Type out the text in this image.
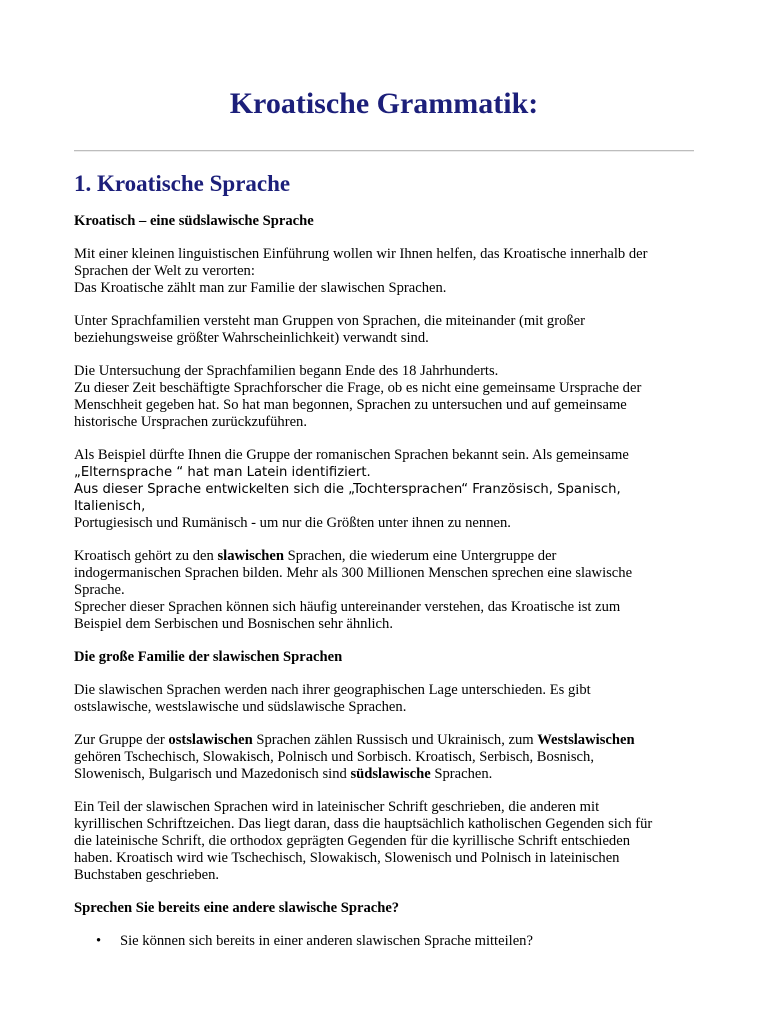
Kroatische Grammatik:
1. Kroatische Sprache

Kroatisch – eine südslawische Sprache

Mit einer kleinen linguistischen Einführung wollen wir Ihnen helfen, das Kroatische innerhalb der
Sprachen der Welt zu verorten:
Das Kroatische zählt man zur Familie der slawischen Sprachen.

Unter Sprachfamilien versteht man Gruppen von Sprachen, die miteinander (mit großer
beziehungsweise größter Wahrscheinlichkeit) verwandt sind.

Die Untersuchung der Sprachfamilien begann Ende des 18 Jahrhunderts.
Zu dieser Zeit beschäftigte Sprachforscher die Frage, ob es nicht eine gemeinsame Ursprache der
Menschheit gegeben hat. So hat man begonnen, Sprachen zu untersuchen und auf gemeinsame
historische Ursprachen zurückzuführen.

Als Beispiel dürfte Ihnen die Gruppe der romanischen Sprachen bekannt sein. Als gemeinsame
„Elternsprache “ hat man Latein identifiziert.
Aus dieser Sprache entwickelten sich die „Tochtersprachen“ Französisch, Spanisch, Italienisch,
Portugiesisch und Rumänisch - um nur die Größten unter ihnen zu nennen.

Kroatisch gehört zu den slawischen Sprachen, die wiederum eine Untergruppe der
indogermanischen Sprachen bilden. Mehr als 300 Millionen Menschen sprechen eine slawische
Sprache.
Sprecher dieser Sprachen können sich häufig untereinander verstehen, das Kroatische ist zum
Beispiel dem Serbischen und Bosnischen sehr ähnlich.

Die große Familie der slawischen Sprachen

Die slawischen Sprachen werden nach ihrer geographischen Lage unterschieden. Es gibt
ostslawische, westslawische und südslawische Sprachen.

Zur Gruppe der ostslawischen Sprachen zählen Russisch und Ukrainisch, zum Westslawischen
gehören Tschechisch, Slowakisch, Polnisch und Sorbisch. Kroatisch, Serbisch, Bosnisch,
Slowenisch, Bulgarisch und Mazedonisch sind südslawische Sprachen.

Ein Teil der slawischen Sprachen wird in lateinischer Schrift geschrieben, die anderen mit
kyrillischen Schriftzeichen. Das liegt daran, dass die hauptsächlich katholischen Gegenden sich für
die lateinische Schrift, die orthodox geprägten Gegenden für die kyrillische Schrift entschieden
haben. Kroatisch wird wie Tschechisch, Slowakisch, Slowenisch und Polnisch in lateinischen
Buchstaben geschrieben.

Sprechen Sie bereits eine andere slawische Sprache?

• Sie können sich bereits in einer anderen slawischen Sprache mitteilen?
